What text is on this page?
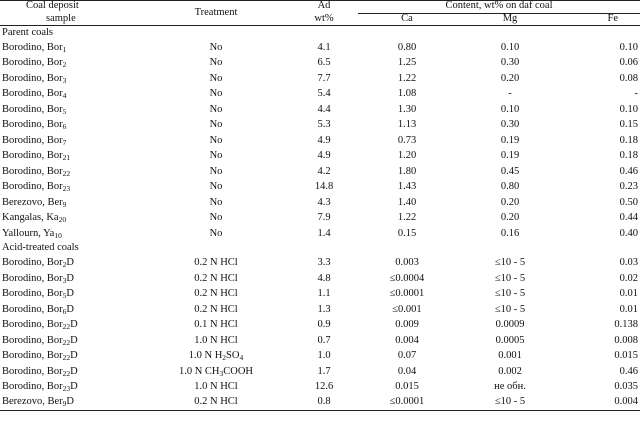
Coal deposit	Treatment	Ad	Content, wt% on daf coal		
sample		wt%	Ca	Mg	Fe
Parent coals					
Borodino, Bor$_1$	No	4.1	0.80	0.10	0.10
Borodino, Bor$_2$	No	6.5	1.25	0.30	0.06
Borodino, Bor$_3$	No	7.7	1.22	0.20	0.08
Borodino, Bor$_4$	No	5.4	1.08	-	-
Borodino, Bor$_5$	No	4.4	1.30	0.10	0.10
Borodino, Bor$_6$	No	5.3	1.13	0.30	0.15
Borodino, Bor$_7$	No	4.9	0.73	0.19	0.18
Borodino, Bor$_{21}$	No	4.9	1.20	0.19	0.18
Borodino, Bor$_{22}$	No	4.2	1.80	0.45	0.46
Borodino, Bor$_{23}$	No	14.8	1.43	0.80	0.23
Berezovo, Ber$_9$	No	4.3	1.40	0.20	0.50
Kangalas, $Ka_{20}$	No	7.9	1.22	0.20	0.44
Yallourn, $Ya_{10}$	No	1.4	0.15	0.16	0.40
Acid-treated coals					
Borodino, Bor$_2$D	0.2 N HCl	3.3	0.003	≤10 - 5	0.03
Borodino, Bor$_3$D	0.2 N HCl	4.8	≤0.0004	≤10 - 5	0.02
Borodino, Bor$_5$D	0.2 N HCl	1.1	≤0.0001	≤10 - 5	0.01
Borodino, Bor$_6$D	0.2 N HCl	1.3	≤0.001	≤10 - 5	0.01
Borodino, Bor$_{22}$D	0.1 N HCl	0.9	0.009	0.0009	0.138
Borodino, Bor$_{22}$D	1.0 N HCl	0.7	0.004	0.0005	0.008
Borodino, Bor$_{22}$D	1.0 N $H_2SO_4$	1.0	0.07	0.001	0.015
Borodino, Bor$_{22}$D	1.0 N $CH_3COOH$	1.7	0.04	0.002	0.46
Borodino, Bor$_{23}$D	1.0 N HCl	12.6	0.015	не обн.	0.035
Berezovo, Ber$_9$D	0.2 N HCl	0.8	≤0.0001	≤10 - 5	0.004
